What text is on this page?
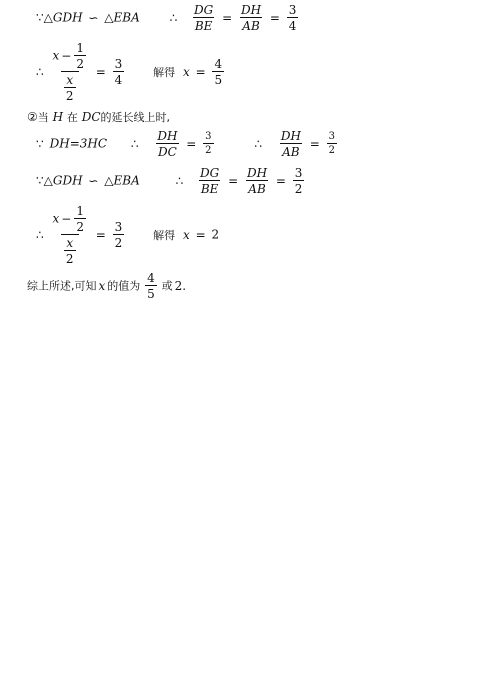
∵△GDH ∽ △EBA ∴ $\frac{DG}{BE} = \frac{DH}{AB} = \frac{3}{4}$
∴ $\frac{x - \frac{1}{2}}{\frac{x}{2}} = \frac{3}{4}$	解得 $x = \frac{4}{5}$
②当 H 在 DC的延长线上时,
∵ DH=3HC ∴ $\frac{DH}{DC} = \frac{3}{2}$	∴ $\frac{DH}{AB} = \frac{3}{2}$
∵△GDH ∽ △EBA	∴ $\frac{DG}{BE} = \frac{DH}{AB} = \frac{3}{2}$
∴ $\frac{x - \frac{1}{2}}{\frac{x}{2}} = \frac{3}{2}$	解得 x = 2
综上所述,可知 x 的值为 $\frac{4}{5}$ 或 2.
